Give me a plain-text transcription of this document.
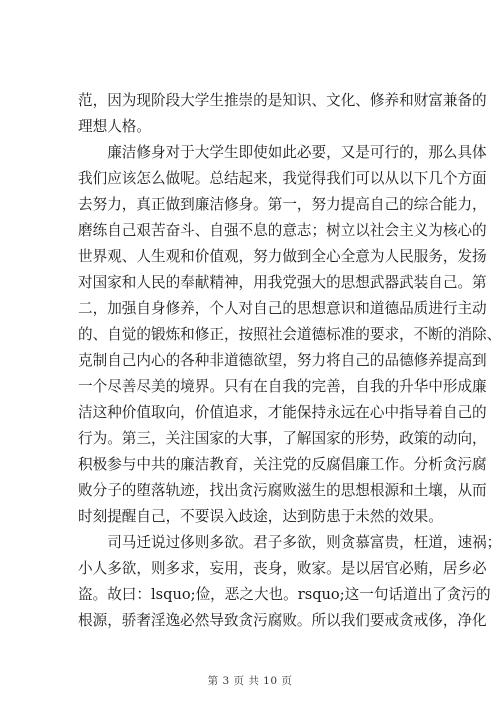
范，因为现阶段大学生推崇的是知识、文化、修养和财富兼备的
理想人格。
　　廉洁修身对于大学生即使如此必要，又是可行的，那么具体
我们应该怎么做呢。总结起来，我觉得我们可以从以下几个方面
去努力，真正做到廉洁修身。第一，努力提高自己的综合能力，
磨练自己艰苦奋斗、自强不息的意志；树立以社会主义为核心的
世界观、人生观和价值观，努力做到全心全意为人民服务，发扬
对国家和人民的奉献精神，用我党强大的思想武器武装自己。第
二，加强自身修养，个人对自己的思想意识和道德品质进行主动
的、自觉的锻炼和修正，按照社会道德标准的要求，不断的消除、
克制自己内心的各种非道德欲望，努力将自己的品德修养提高到
一个尽善尽美的境界。只有在自我的完善，自我的升华中形成廉
洁这种价值取向，价值追求，才能保持永远在心中指导着自己的
行为。第三，关注国家的大事，了解国家的形势，政策的动向，
积极参与中共的廉洁教育，关注党的反腐倡廉工作。分析贪污腐
败分子的堕落轨迹，找出贪污腐败滋生的思想根源和土壤，从而
时刻提醒自己，不要误入歧途，达到防患于未然的效果。
　　司马迁说过侈则多欲。君子多欲，则贪慕富贵，枉道，速祸；
小人多欲，则多求，妄用，丧身，败家。是以居官必贿，居乡必
盗。故曰：lsquo;俭，恶之大也。rsquo;这一句话道出了贪污的
根源，骄奢淫逸必然导致贪污腐败。所以我们要戒贪戒侈，净化
第 3 页 共 10 页
